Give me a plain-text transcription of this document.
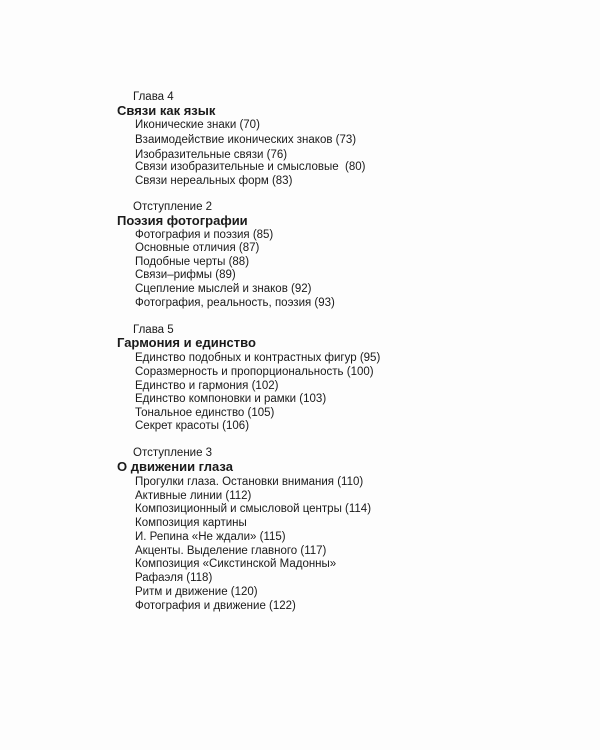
Глава 4
Связи как язык
Иконические знаки (70)
Взаимодействие иконических знаков (73)
Изобразительные связи (76)
Связи изобразительные и смысловые  (80)
Связи нереальных форм (83)
Отступление 2
Поэзия фотографии
Фотография и поэзия (85)
Основные отличия (87)
Подобные черты (88)
Связи–рифмы (89)
Сцепление мыслей и знаков (92)
Фотография, реальность, поэзия (93)
Глава 5
Гармония и единство
Единство подобных и контрастных фигур (95)
Соразмерность и пропорциональность (100)
Единство и гармония (102)
Единство компоновки и рамки (103)
Тональное единство (105)
Секрет красоты (106)
Отступление 3
О движении глаза
Прогулки глаза. Остановки внимания (110)
Активные линии (112)
Композиционный и смысловой центры (114)
Композиция картины
И. Репина «Не ждали» (115)
Акценты. Выделение главного (117)
Композиция «Сикстинской Мадонны»
Рафаэля (118)
Ритм и движение (120)
Фотография и движение (122)
